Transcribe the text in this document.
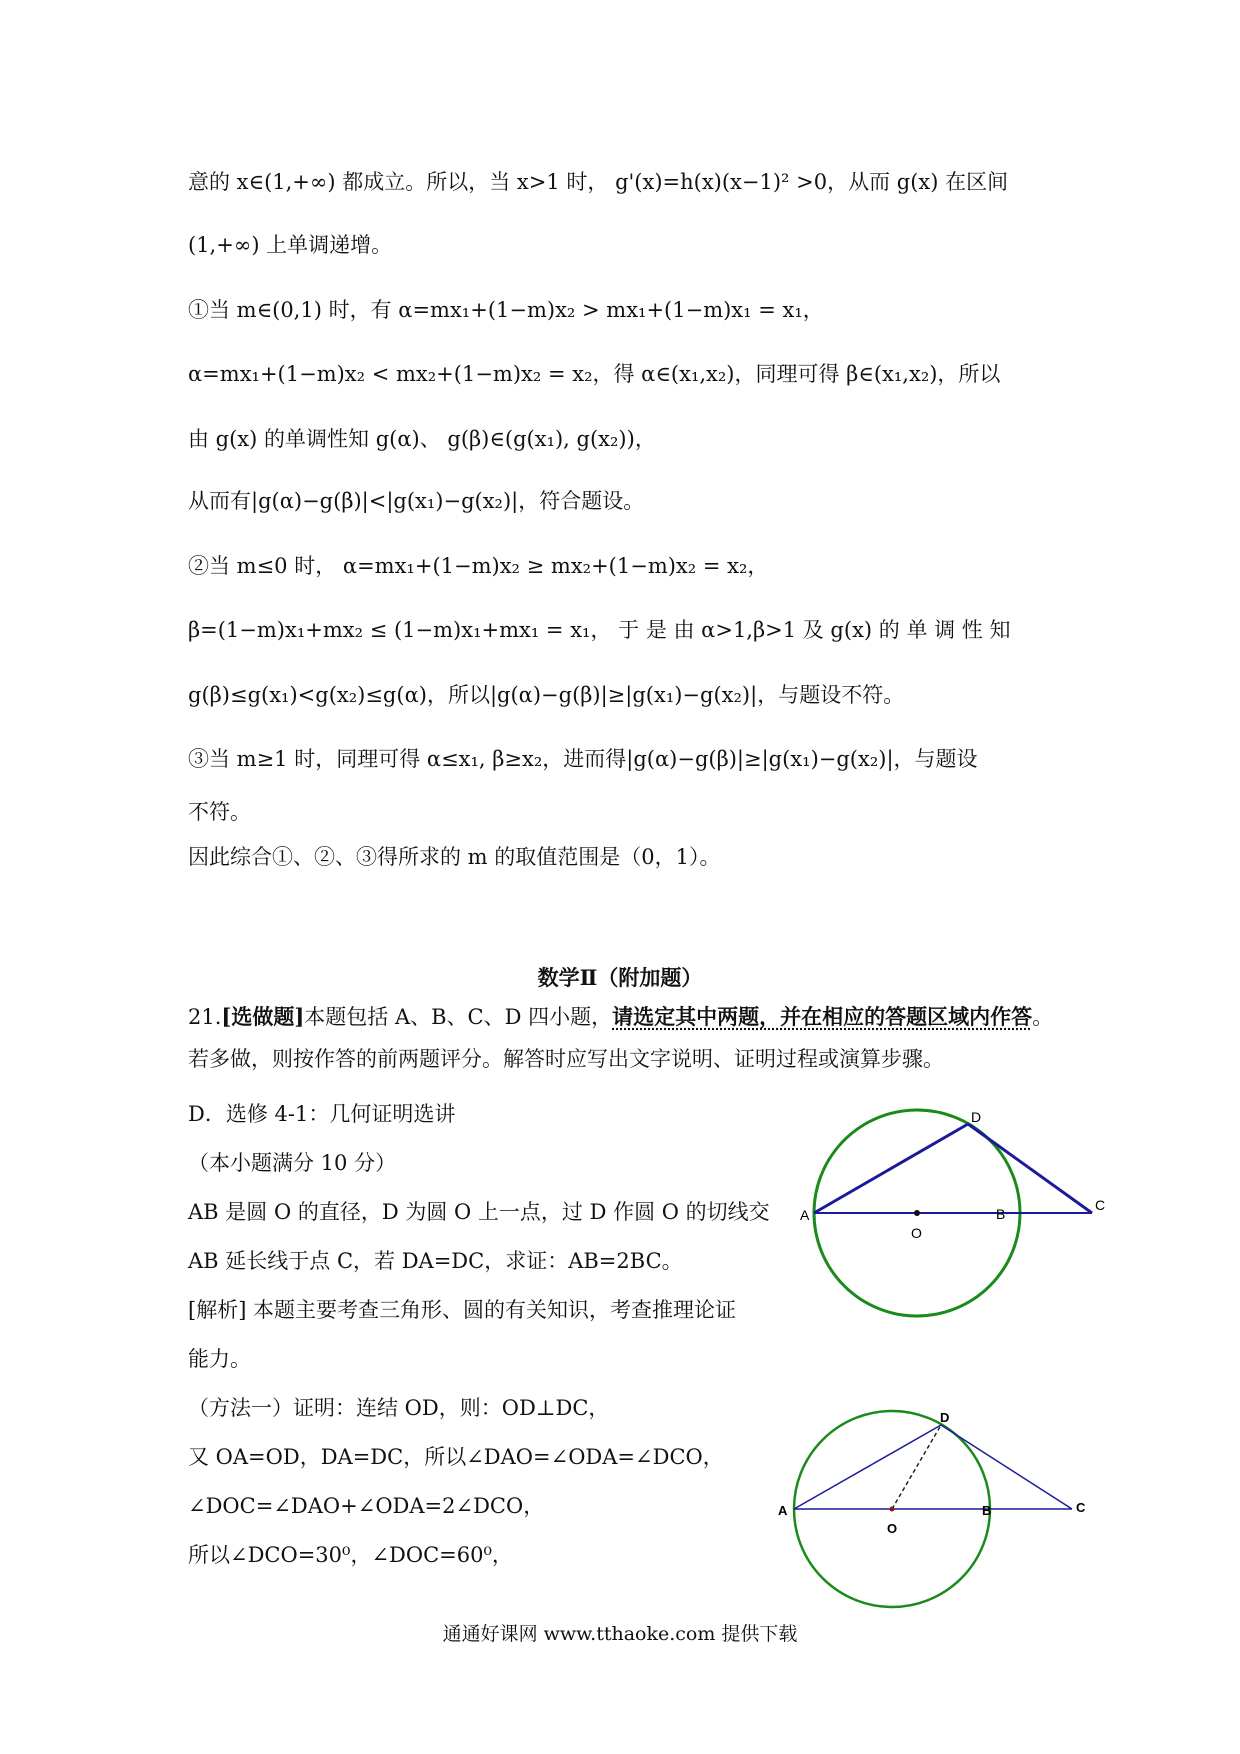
意的 x∈(1,+∞) 都成立。所以，当 x>1 时， g'(x)=h(x)(x−1)² >0，从而 g(x) 在区间
(1,+∞) 上单调递增。
①当 m∈(0,1) 时，有 α=mx₁+(1−m)x₂ > mx₁+(1−m)x₁ = x₁，
α=mx₁+(1−m)x₂ < mx₂+(1−m)x₂ = x₂，得 α∈(x₁,x₂)，同理可得 β∈(x₁,x₂)，所以
由 g(x) 的单调性知 g(α)、 g(β)∈(g(x₁), g(x₂))，
从而有|g(α)−g(β)|<|g(x₁)−g(x₂)|，符合题设。
②当 m≤0 时， α=mx₁+(1−m)x₂ ≥ mx₂+(1−m)x₂ = x₂，
β=(1−m)x₁+mx₂ ≤ (1−m)x₁+mx₁ = x₁， 于 是 由 α>1,β>1 及 g(x) 的 单 调 性 知
g(β)≤g(x₁)<g(x₂)≤g(α)，所以|g(α)−g(β)|≥|g(x₁)−g(x₂)|，与题设不符。
③当 m≥1 时，同理可得 α≤x₁, β≥x₂，进而得|g(α)−g(β)|≥|g(x₁)−g(x₂)|，与题设
不符。
因此综合①、②、③得所求的 m 的取值范围是（0，1）。
数学Ⅱ（附加题）
21.[选做题]本题包括 A、B、C、D 四小题，请选定其中两题，并在相应的答题区域内作答。
若多做，则按作答的前两题评分。解答时应写出文字说明、证明过程或演算步骤。
D．选修 4-1：几何证明选讲
（本小题满分 10 分）
AB 是圆 O 的直径，D 为圆 O 上一点，过 D 作圆 O 的切线交
AB 延长线于点 C，若 DA=DC，求证：AB=2BC。
[解析] 本题主要考查三角形、圆的有关知识，考查推理论证
能力。
（方法一）证明：连结 OD，则：OD⊥DC，
又 OA=OD，DA=DC，所以∠DAO=∠ODA=∠DCO，
∠DOC=∠DAO+∠ODA=2∠DCO，
所以∠DCO=30⁰，∠DOC=60⁰，
A	B
C
D
O
A	B	C
D
O
通通好课网 www.tthaoke.com 提供下载
